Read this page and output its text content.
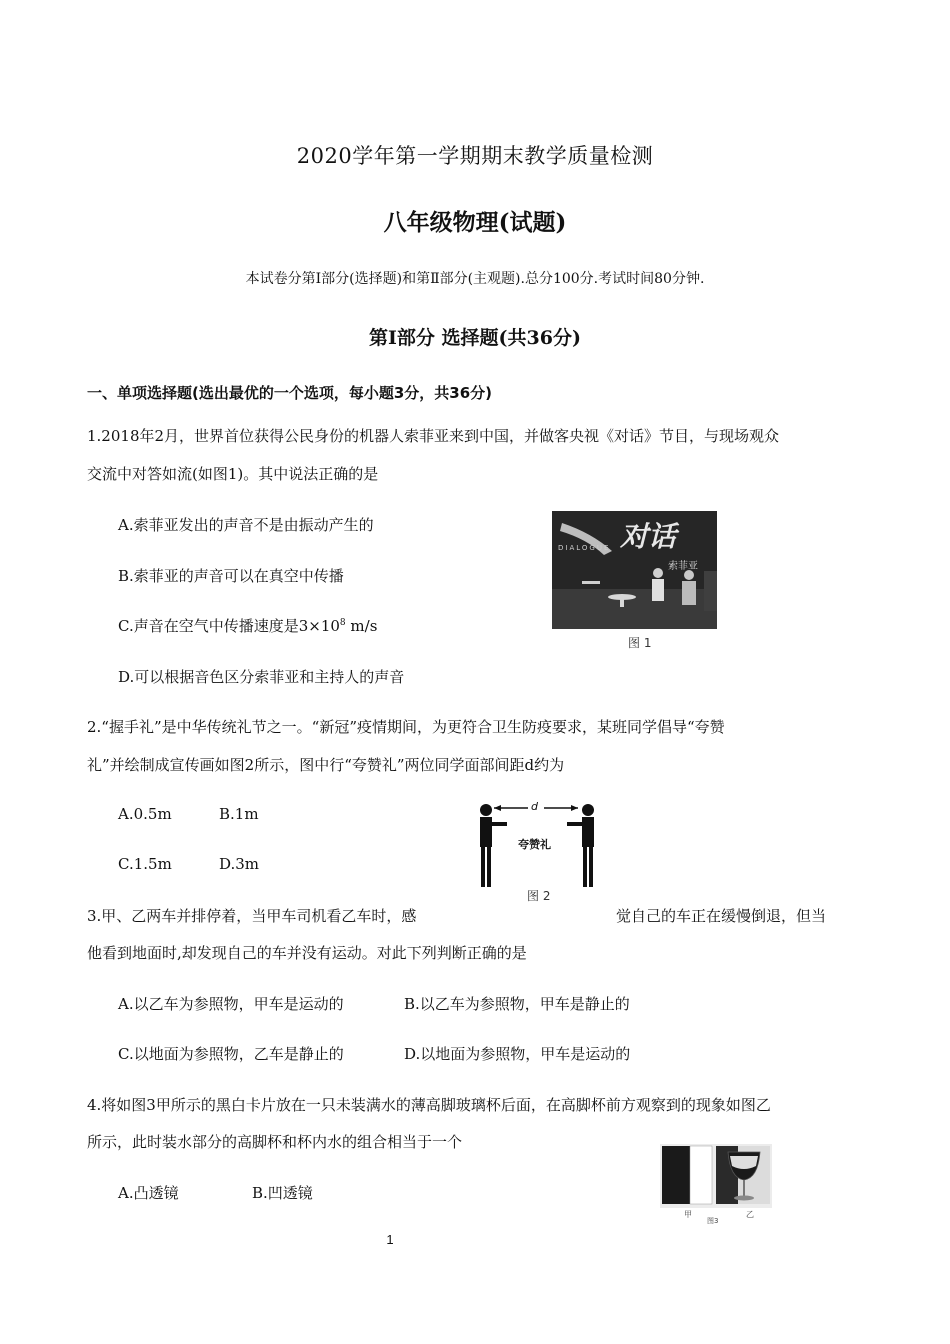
2020学年第一学期期末教学质量检测
八年级物理(试题)
本试卷分第Ⅰ部分(选择题)和第Ⅱ部分(主观题).总分100分.考试时间80分钟.
第Ⅰ部分 选择题(共36分)
一、单项选择题(选出最优的一个选项，每小题3分，共36分)
1.2018年2月，世界首位获得公民身份的机器人索菲亚来到中国，并做客央视《对话》节目，与现场观众
交流中对答如流(如图1)。其中说法正确的是
A.索菲亚发出的声音不是由振动产生的
B.索菲亚的声音可以在真空中传播
C.声音在空气中传播速度是$3\times 10^8$ m/s
D.可以根据音色区分索菲亚和主持人的声音
对话
DIALOGUE
索菲亚
图 1
2.“握手礼”是中华传统礼节之一。“新冠”疫情期间，为更符合卫生防疫要求，某班同学倡导“夸赞
礼”并绘制成宣传画如图2所示，图中行“夸赞礼”两位同学面部间距d约为
A.0.5m	B.1m
C.1.5m	D.3m
d
夸赞礼
图 2
3.甲、乙两车并排停着，当甲车司机看乙车时，感	觉自己的车正在缓慢倒退，但当
他看到地面时,却发现自己的车并没有运动。对此下列判断正确的是
A.以乙车为参照物，甲车是运动的	B.以乙车为参照物，甲车是静止的
C.以地面为参照物，乙车是静止的	D.以地面为参照物，甲车是运动的
4.将如图3甲所示的黑白卡片放在一只未装满水的薄高脚玻璃杯后面，在高脚杯前方观察到的现象如图乙
所示，此时装水部分的高脚杯和杯内水的组合相当于一个
A.凸透镜	B.凹透镜
甲	乙
图3
1
